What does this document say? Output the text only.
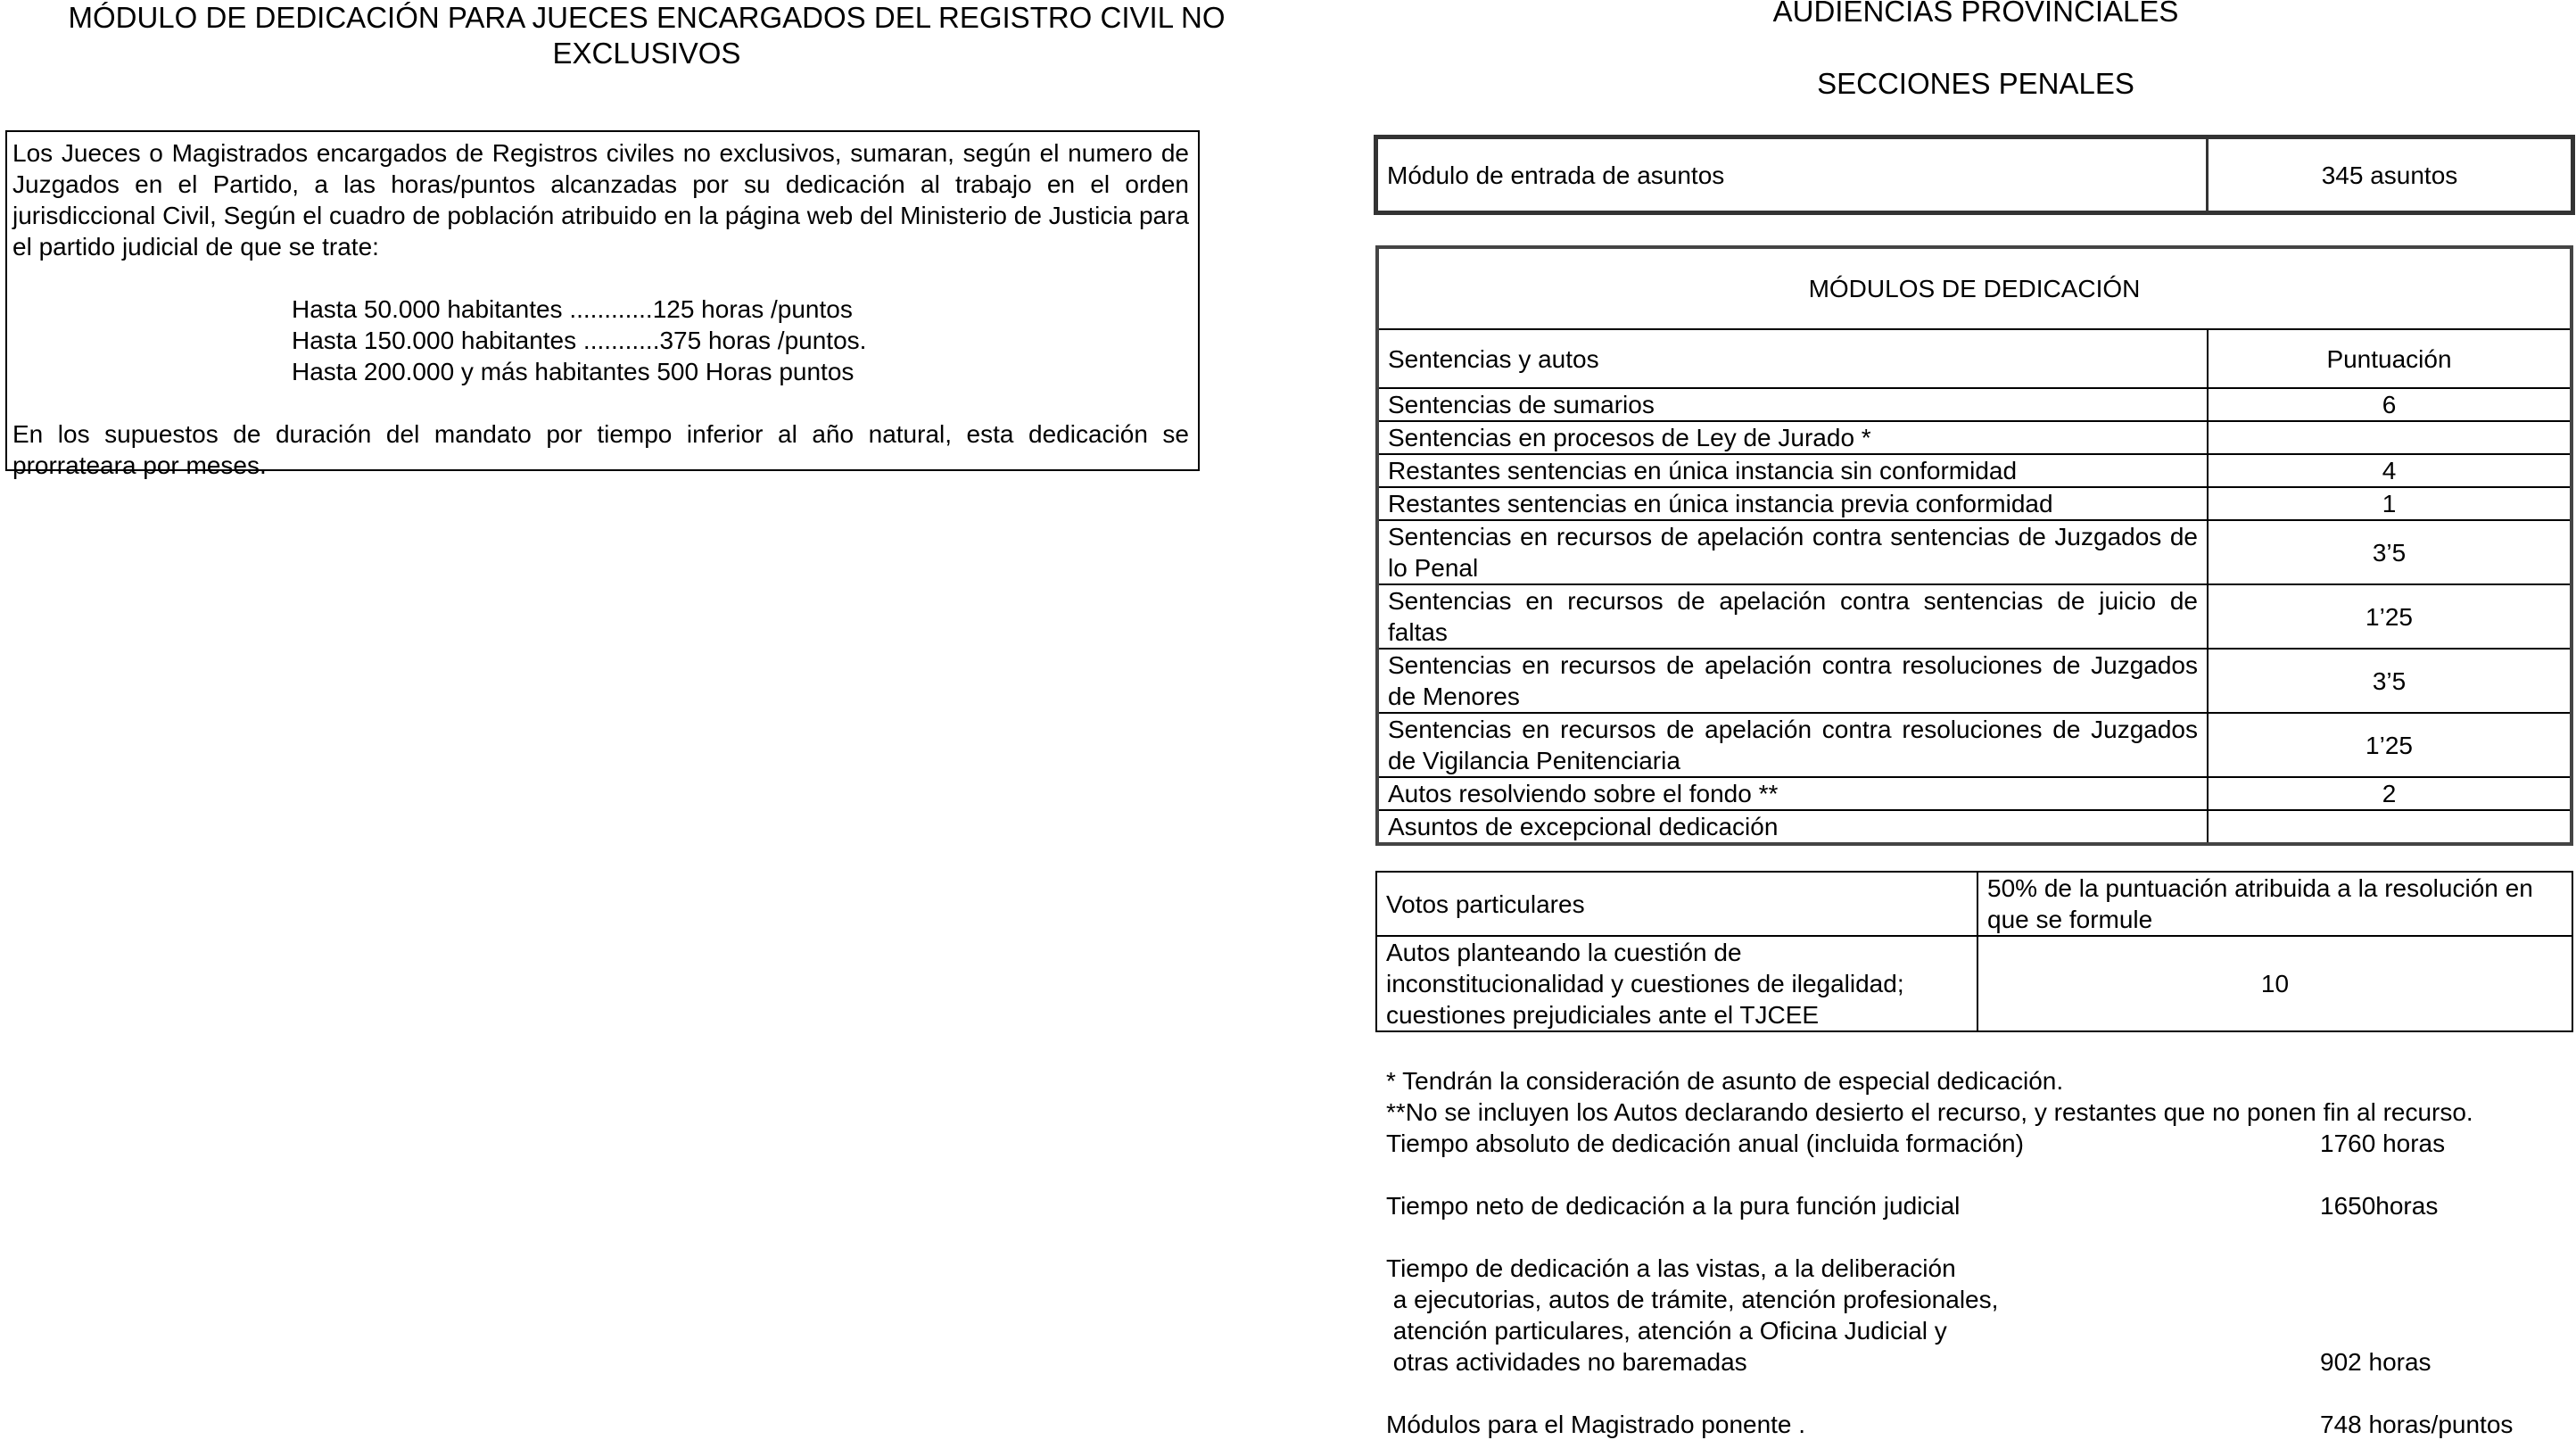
MÓDULO DE DEDICACIÓN PARA JUECES ENCARGADOS DEL REGISTRO CIVIL NO
EXCLUSIVOS
Los Jueces o Magistrados encargados de Registros civiles no exclusivos, sumaran, según el numero de Juzgados en el Partido, a las horas/puntos alcanzadas por su dedicación al trabajo en el orden jurisdiccional Civil, Según el cuadro de población atribuido en la página web del Ministerio de Justicia para el partido judicial de que se trate:
Hasta 50.000 habitantes ............125 horas /puntos
Hasta 150.000 habitantes ...........375 horas /puntos.
Hasta 200.000 y más habitantes 500 Horas puntos
En los supuestos de duración del mandato por tiempo inferior al año natural, esta dedicación se prorrateara por meses.
AUDIENCIAS PROVINCIALES
SECCIONES PENALES
Módulo de entrada de asuntos	345 asuntos
MÓDULOS DE DEDICACIÓN	
Sentencias y autos	Puntuación
Sentencias de sumarios	6
Sentencias en procesos de Ley de Jurado *	
Restantes sentencias en única instancia sin conformidad	4
Restantes sentencias en única instancia previa conformidad	1
Sentencias en recursos de apelación contra sentencias de Juzgados de lo Penal	3’5
Sentencias en recursos de apelación contra sentencias de juicio de faltas	1’25
Sentencias en recursos de apelación contra resoluciones de Juzgados de Menores	3’5
Sentencias en recursos de apelación contra resoluciones de Juzgados de Vigilancia Penitenciaria	1’25
Autos resolviendo sobre el fondo **	2
Asuntos de excepcional dedicación	
Votos particulares	50% de la puntuación atribuida a la resolución en que se formule

Autos planteando la cuestión de
inconstitucionalidad y cuestiones de ilegalidad;
cuestiones prejudiciales ante el TJCEE	10
* Tendrán la consideración de asunto de especial dedicación.
**No se incluyen los Autos declarando desierto el recurso, y restantes que no ponen fin al recurso.
Tiempo absoluto de dedicación anual (incluida formación)	1760 horas
Tiempo neto de dedicación a la pura función judicial	1650horas
Tiempo de dedicación a las vistas, a la deliberación
a ejecutorias, autos de trámite, atención profesionales,
atención particulares, atención a Oficina Judicial y
otras actividades no baremadas	902 horas
Módulos para el Magistrado ponente .	748 horas/puntos
